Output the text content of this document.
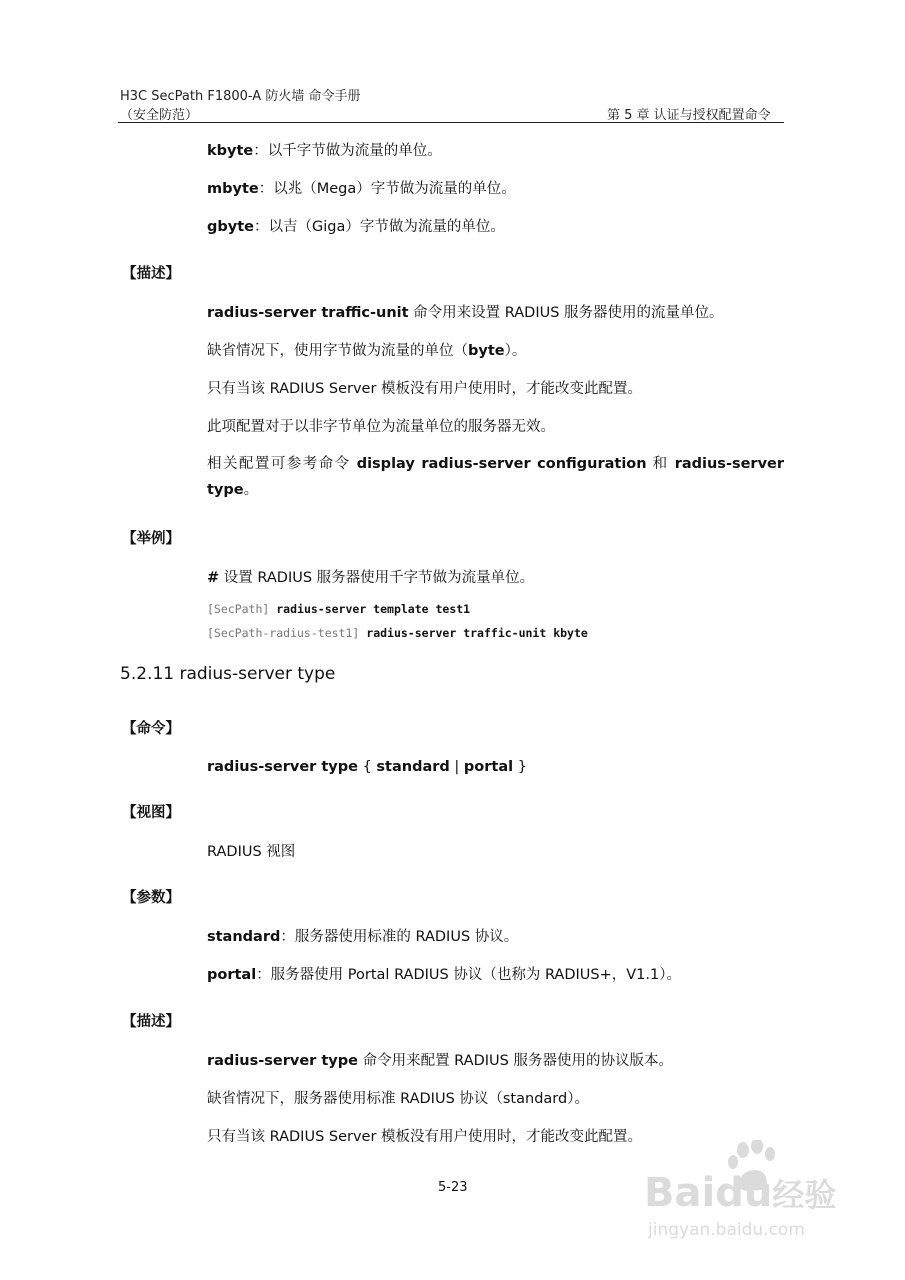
H3C SecPath F1800-A 防火墙 命令手册
（安全防范）	第 5 章 认证与授权配置命令
kbyte：以千字节做为流量的单位。
mbyte：以兆（Mega）字节做为流量的单位。
gbyte：以吉（Giga）字节做为流量的单位。
【描述】
radius-server traffic-unit 命令用来设置 RADIUS 服务器使用的流量单位。
缺省情况下，使用字节做为流量的单位（byte）。
只有当该 RADIUS Server 模板没有用户使用时，才能改变此配置。
此项配置对于以非字节单位为流量单位的服务器无效。
相关配置可参考命令 display radius-server configuration 和 radius-server type。
【举例】
# 设置 RADIUS 服务器使用千字节做为流量单位。
[SecPath] radius-server template test1
[SecPath-radius-test1] radius-server traffic-unit kbyte
5.2.11 radius-server type
【命令】
radius-server type { standard | portal }
【视图】
RADIUS 视图
【参数】
standard：服务器使用标准的 RADIUS 协议。
portal：服务器使用 Portal RADIUS 协议（也称为 RADIUS+，V1.1）。
【描述】
radius-server type 命令用来配置 RADIUS 服务器使用的协议版本。
缺省情况下，服务器使用标准 RADIUS 协议（standard）。
只有当该 RADIUS Server 模板没有用户使用时，才能改变此配置。
5-23	Baidu经验
jingyan.baidu.com
